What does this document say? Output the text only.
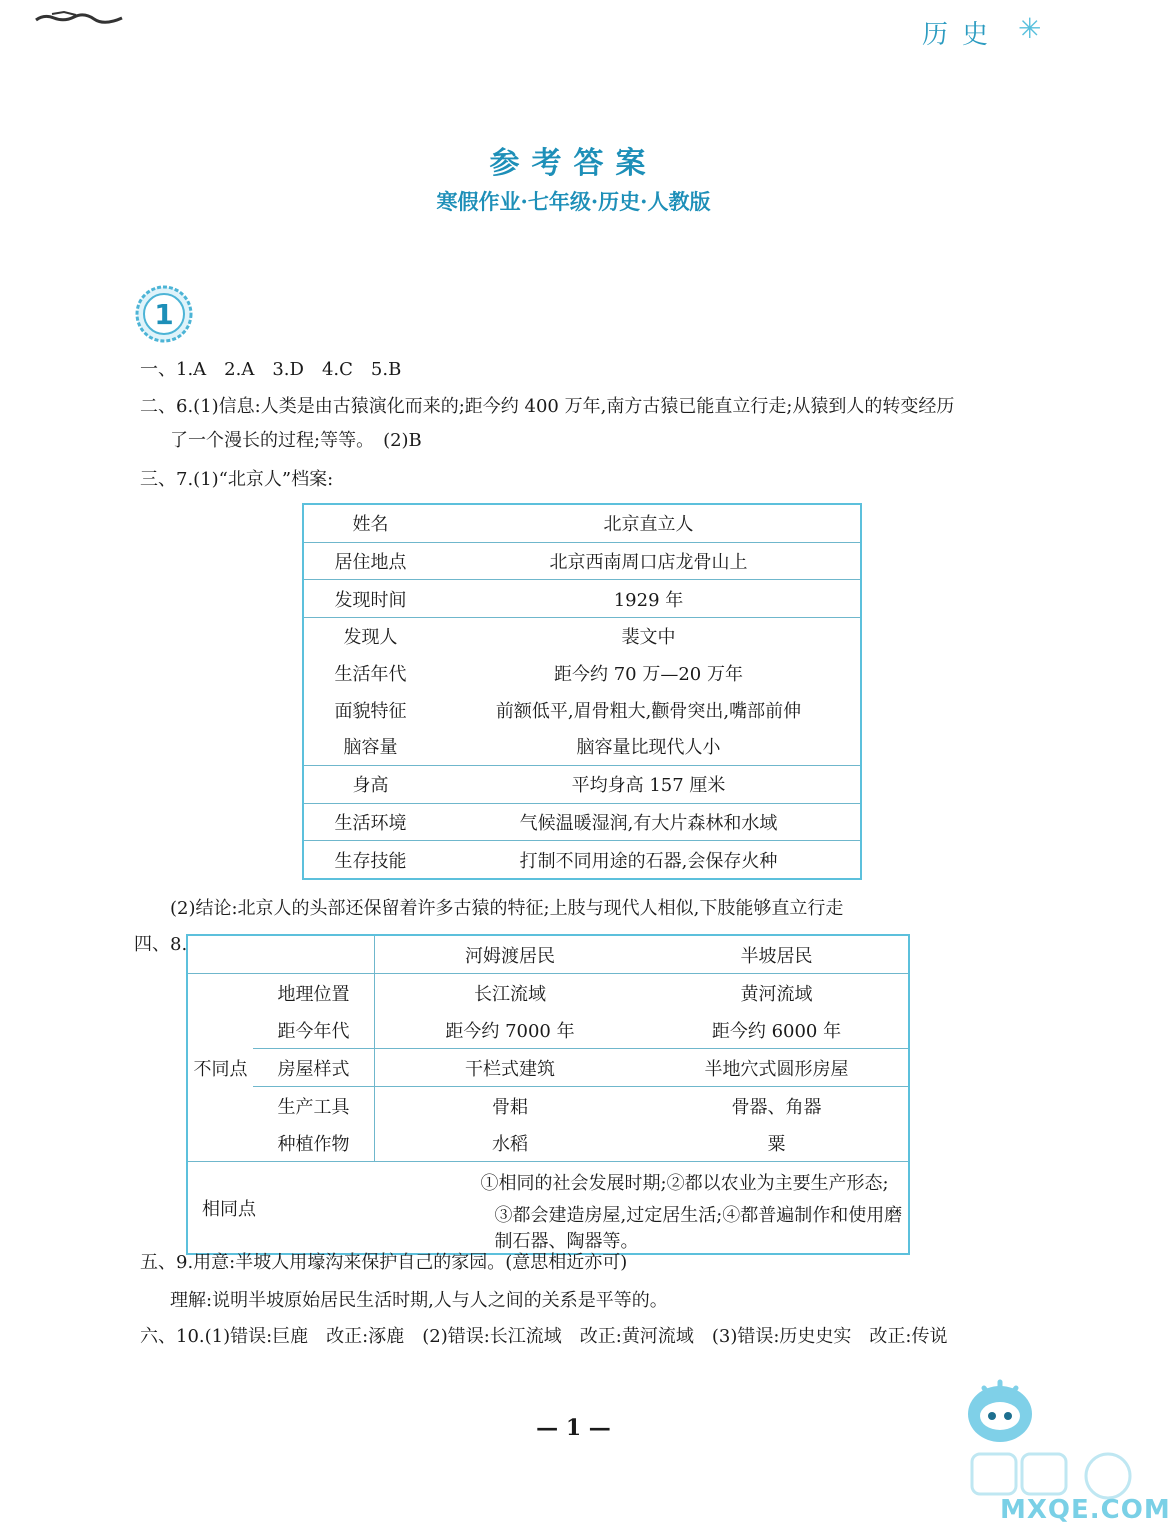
历史 ✳
参考答案
寒假作业·七年级·历史·人教版
1
一、1.A　2.A　3.D　4.C　5.B
二、6.(1)信息:人类是由古猿演化而来的;距今约 400 万年,南方古猿已能直立行走;从猿到人的转变经历
了一个漫长的过程;等等。　(2)B
三、7.(1)“北京人”档案:
姓名	北京直立人
居住地点	北京西南周口店龙骨山上
发现时间	1929 年
发现人	裴文中
生活年代	距今约 70 万—20 万年
面貌特征	前额低平,眉骨粗大,颧骨突出,嘴部前伸
脑容量	脑容量比现代人小
身高	平均身高 157 厘米
生活环境	气候温暖湿润,有大片森林和水域
生存技能	打制不同用途的石器,会保存火种
(2)结论:北京人的头部还保留着许多古猿的特征;上肢与现代人相似,下肢能够直立行走
四、8.
		河姆渡居民	半坡居民
不同点	地理位置	长江流域	黄河流域
	距今年代	距今约 7000 年	距今约 6000 年
	房屋样式	干栏式建筑	半地穴式圆形房屋
	生产工具	骨耜	骨器、角器
	种植作物	水稻	粟
相同点		①相同的社会发展时期;②都以农业为主要生产形态;	
		③都会建造房屋,过定居生活;④都普遍制作和使用磨制石器、陶器等。	
五、9.用意:半坡人用壕沟来保护自己的家园。(意思相近亦可)
理解:说明半坡原始居民生活时期,人与人之间的关系是平等的。
六、10.(1)错误:巨鹿　改正:涿鹿　(2)错误:长江流域　改正:黄河流域　(3)错误:历史史实　改正:传说
— 1 —
MXQE.COM
